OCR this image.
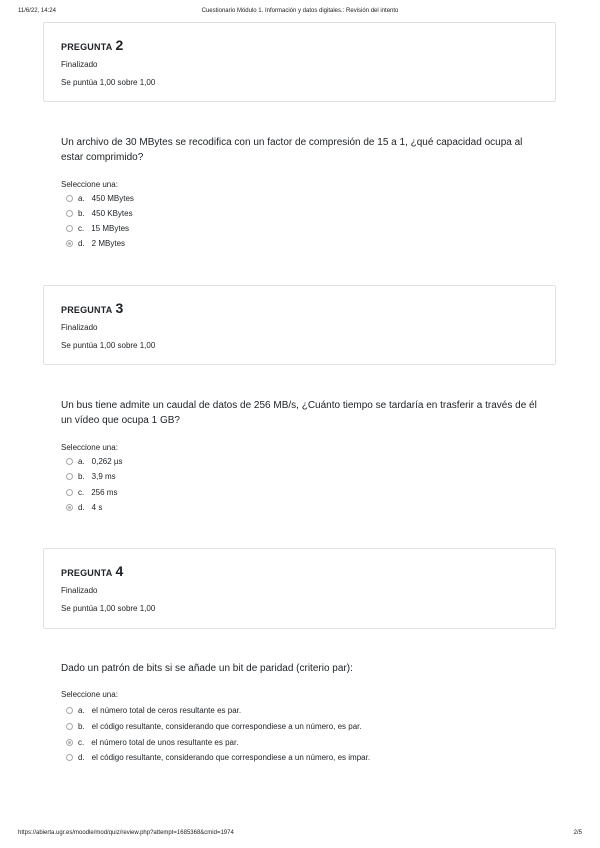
11/6/22, 14:24	Cuestionario Módulo 1. Información y datos digitales.: Revisión del intento
PREGUNTA 2
Finalizado
Se puntúa 1,00 sobre 1,00
Un archivo de 30 MBytes se recodifica con un factor de compresión de 15 a 1, ¿qué capacidad ocupa al estar comprimido?
Seleccione una:
a. 450 MBytes
b. 450 KBytes
c. 15 MBytes
d. 2 MBytes
PREGUNTA 3
Finalizado
Se puntúa 1,00 sobre 1,00
Un bus tiene admite un caudal de datos de 256 MB/s, ¿Cuánto tiempo se tardaría en trasferir a través de él un vídeo que ocupa 1 GB?
Seleccione una:
a. 0,262 µs
b. 3,9 ms
c. 256 ms
d. 4 s
PREGUNTA 4
Finalizado
Se puntúa 1,00 sobre 1,00
Dado un patrón de bits si se añade un bit de paridad (criterio par):
Seleccione una:
a. el número total de ceros resultante es par.
b. el código resultante, considerando que correspondiese a un número, es par.
c. el número total de unos resultante es par.
d. el código resultante, considerando que correspondiese a un número, es impar.
https://abierta.ugr.es/moodle/mod/quiz/review.php?attempt=1685368&cmid=1974	2/5
